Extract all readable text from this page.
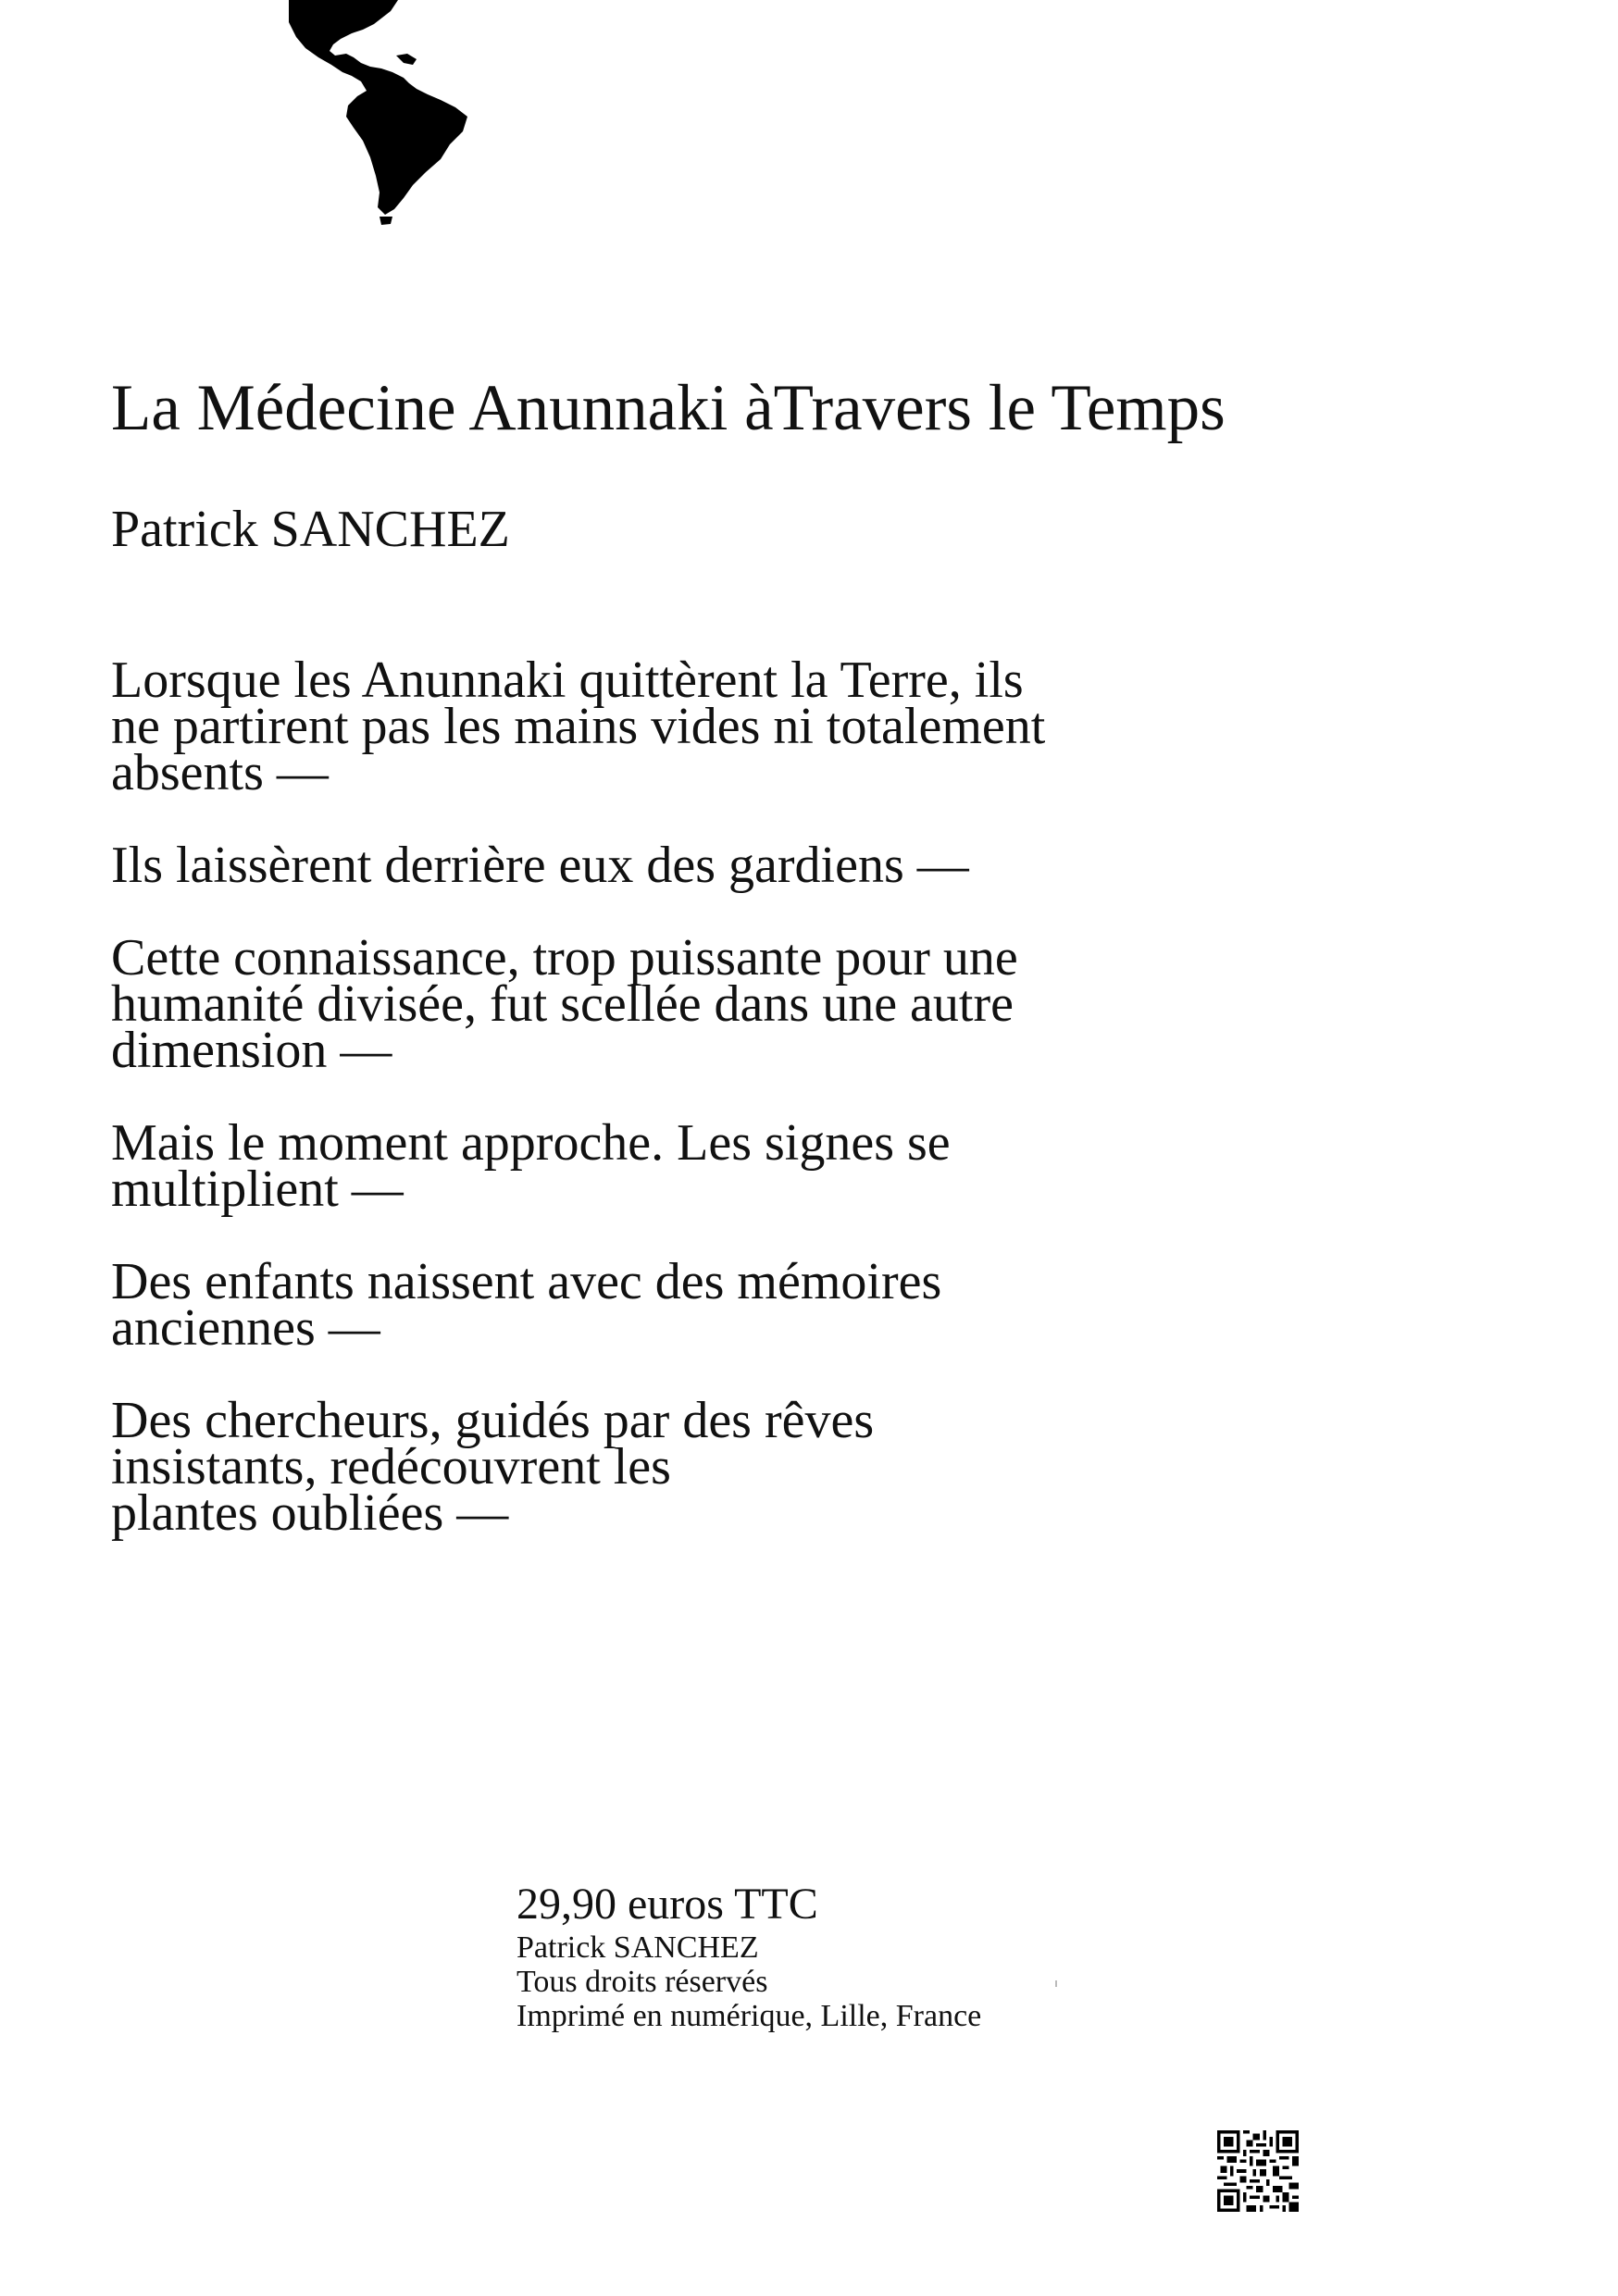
La Médecine Anunnaki àTravers le Temps
Patrick SANCHEZ

Lorsque les Anunnaki quittèrent la Terre, ils
ne partirent pas les mains vides ni totalement
absents —

Ils laissèrent derrière eux des gardiens —

Cette connaissance, trop puissante pour une
humanité divisée, fut scellée dans une autre
dimension —

Mais le moment approche. Les signes se
multiplient —

Des enfants naissent avec des mémoires
anciennes —

Des chercheurs, guidés par des rêves
insistants, redécouvrent les
plantes oubliées —

29,90 euros TTC
Patrick SANCHEZ
Tous droits réservés
Imprimé en numérique, Lille, France
